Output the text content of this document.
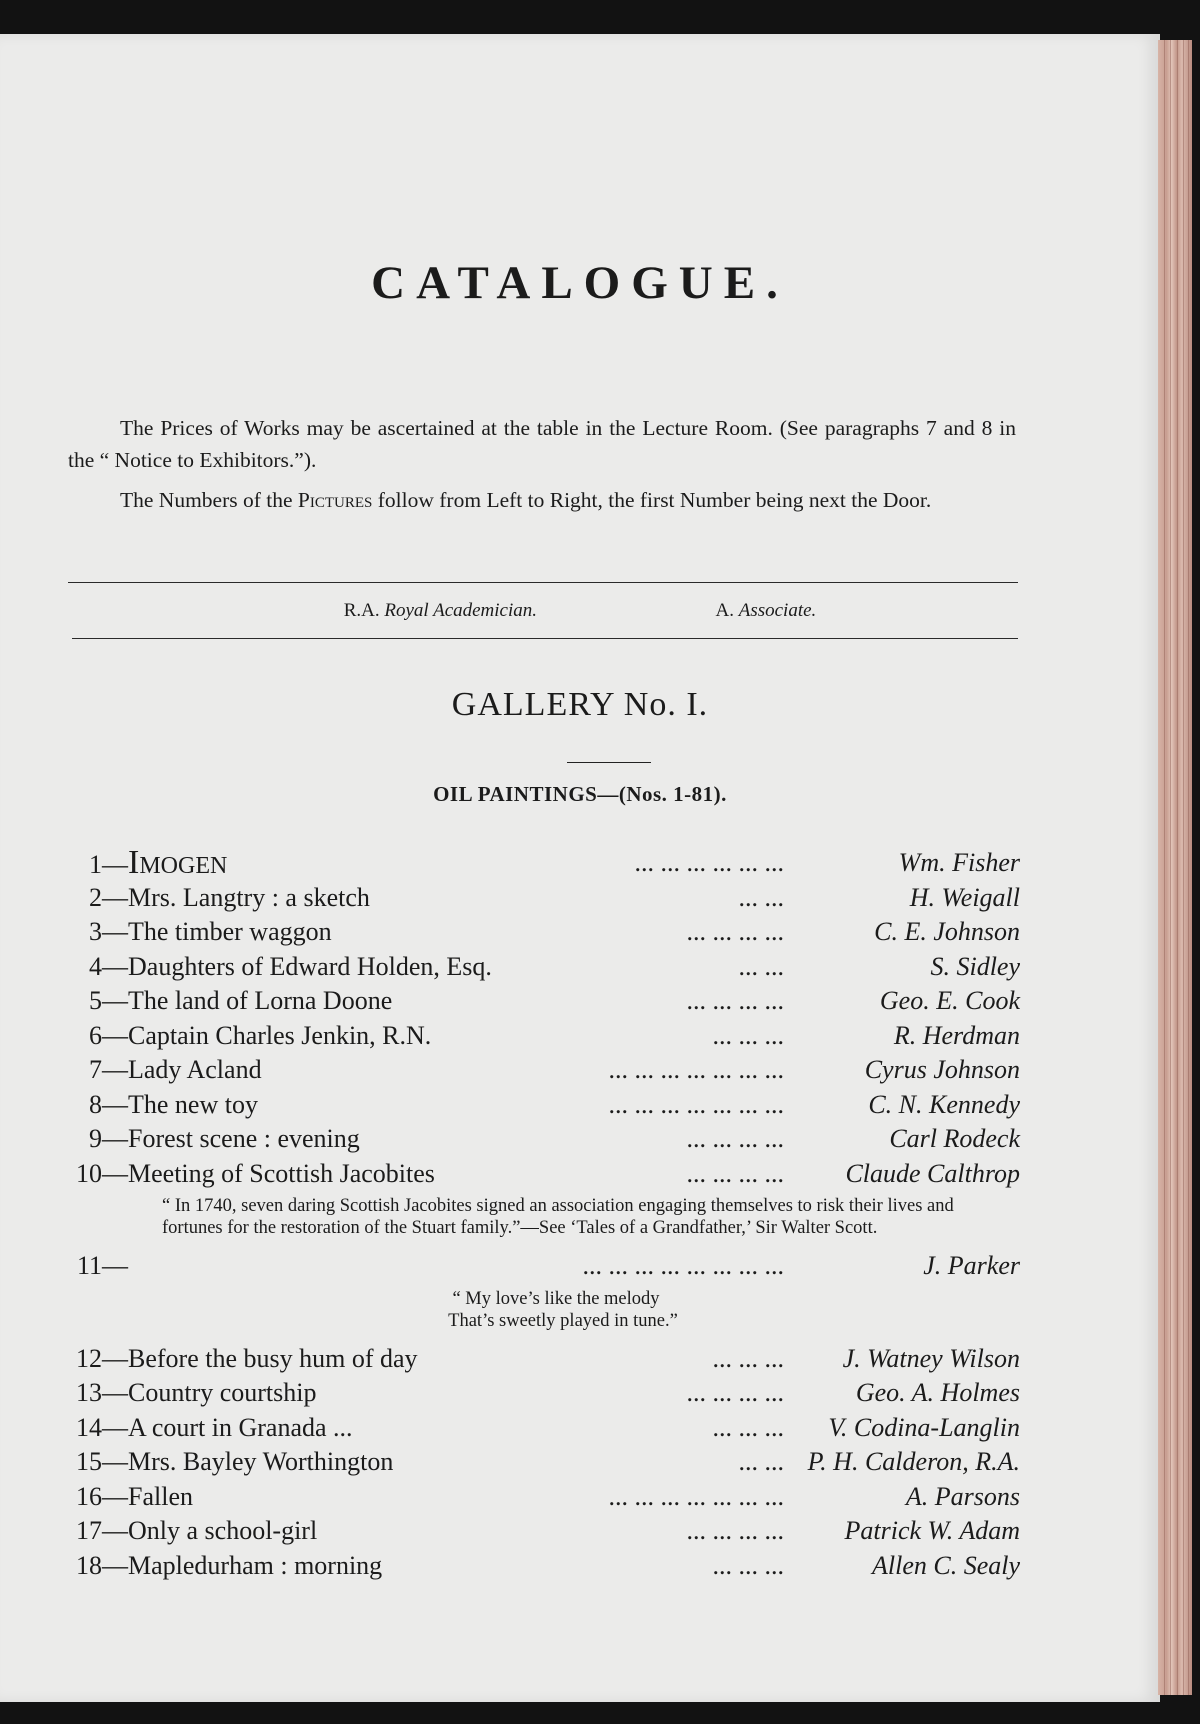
CATALOGUE.

The Prices of Works may be ascertained at the table in the Lecture Room. (See paragraphs 7 and 8 in the “ Notice to Exhibitors.”).

The Numbers of the Pictures follow from Left to Right, the first Number being next the Door.

R.A. Royal Academician.	A. Associate.
GALLERY No. I.
OIL PAINTINGS—(Nos. 1-81).
1—Imogen	... ... ... ... ... ...	Wm. Fisher
2—Mrs. Langtry : a sketch	... ...	H. Weigall
3—The timber waggon	... ... ... ...	C. E. Johnson
4—Daughters of Edward Holden, Esq.	... ...	S. Sidley
5—The land of Lorna Doone	... ... ... ...	Geo. E. Cook
6—Captain Charles Jenkin, R.N.	... ... ...	R. Herdman
7—Lady Acland	... ... ... ... ... ... ...	Cyrus Johnson
8—The new toy	... ... ... ... ... ... ...	C. N. Kennedy
9—Forest scene : evening	... ... ... ...	Carl Rodeck
10—Meeting of Scottish Jacobites	... ... ... ...	Claude Calthrop
“ In 1740, seven daring Scottish Jacobites signed an association engaging themselves to risk their lives and fortunes for the restoration of the Stuart family.”—See ‘Tales of a Grandfather,’ Sir Walter Scott.
11—	... ... ... ... ... ... ... ...	J. Parker
“ My love’s like the melody
That’s sweetly played in tune.”
12—Before the busy hum of day	... ... ...	J. Watney Wilson
13—Country courtship	... ... ... ...	Geo. A. Holmes
14—A court in Granada ...	... ... ...	V. Codina-Langlin
15—Mrs. Bayley Worthington	... ... P. H. Calderon, R.A.
16—Fallen	... ... ... ... ... ... ...	A. Parsons
17—Only a school-girl	... ... ... ...	Patrick W. Adam
18—Mapledurham : morning	... ... ...	Allen C. Sealy
